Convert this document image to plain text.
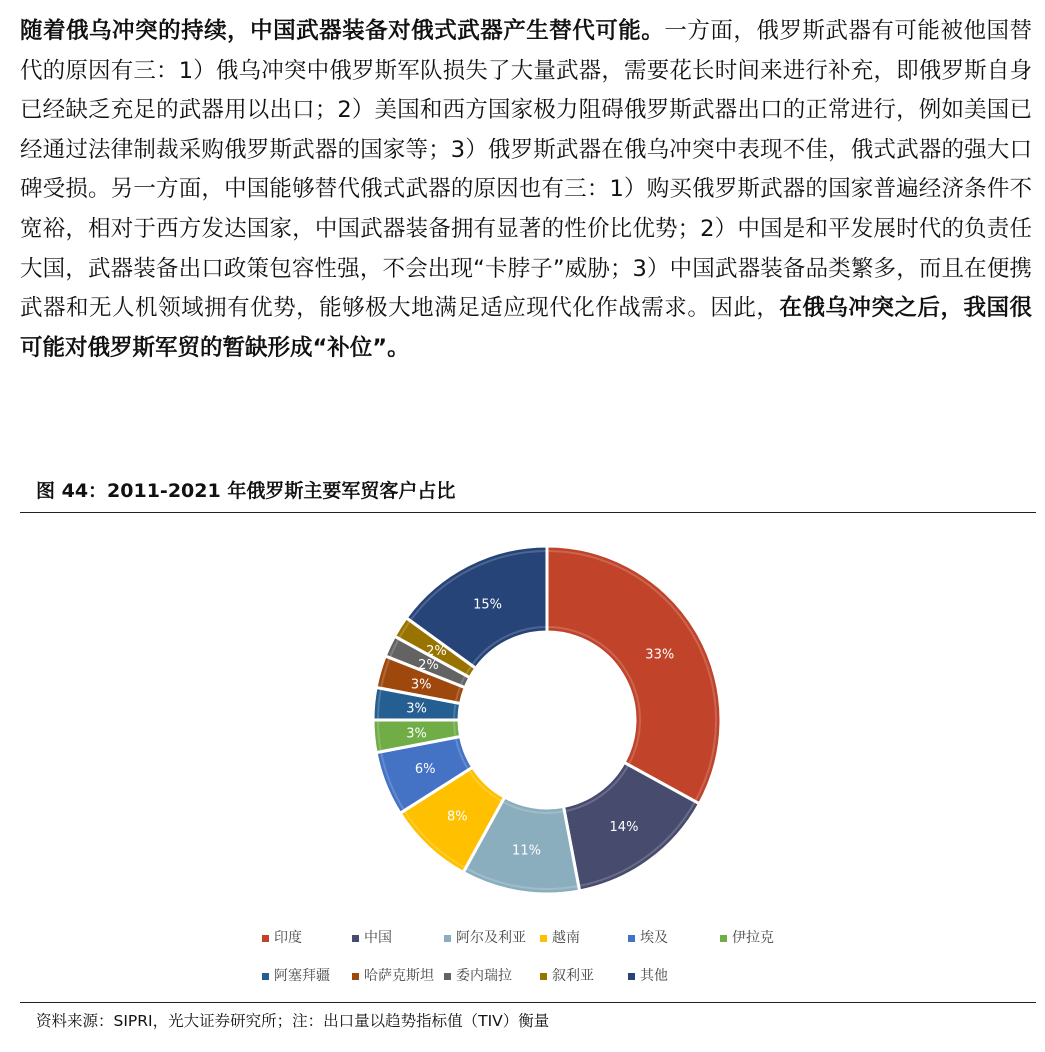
随着俄乌冲突的持续，中国武器装备对俄式武器产生替代可能。一方面，俄罗斯武器有可能被他国替代的原因有三：1）俄乌冲突中俄罗斯军队损失了大量武器，需要花长时间来进行补充，即俄罗斯自身已经缺乏充足的武器用以出口；2）美国和西方国家极力阻碍俄罗斯武器出口的正常进行，例如美国已经通过法律制裁采购俄罗斯武器的国家等；3）俄罗斯武器在俄乌冲突中表现不佳，俄式武器的强大口碑受损。另一方面，中国能够替代俄式武器的原因也有三：1）购买俄罗斯武器的国家普遍经济条件不宽裕，相对于西方发达国家，中国武器装备拥有显著的性价比优势；2）中国是和平发展时代的负责任大国，武器装备出口政策包容性强，不会出现“卡脖子”威胁；3）中国武器装备品类繁多，而且在便携武器和无人机领域拥有优势，能够极大地满足适应现代化作战需求。因此，在俄乌冲突之后，我国很可能对俄罗斯军贸的暂缺形成“补位”。

图 44：2011-2021 年俄罗斯主要军贸客户占比
33%
14%
11%
8%
6%
3%
3%
3%
2%
2%
15%
印度	中国	阿尔及利亚 越南	埃及	伊拉克
阿塞拜疆 哈萨克斯坦 委内瑞拉	叙利亚	其他
资料来源：SIPRI，光大证券研究所；注：出口量以趋势指标值（TIV）衡量
